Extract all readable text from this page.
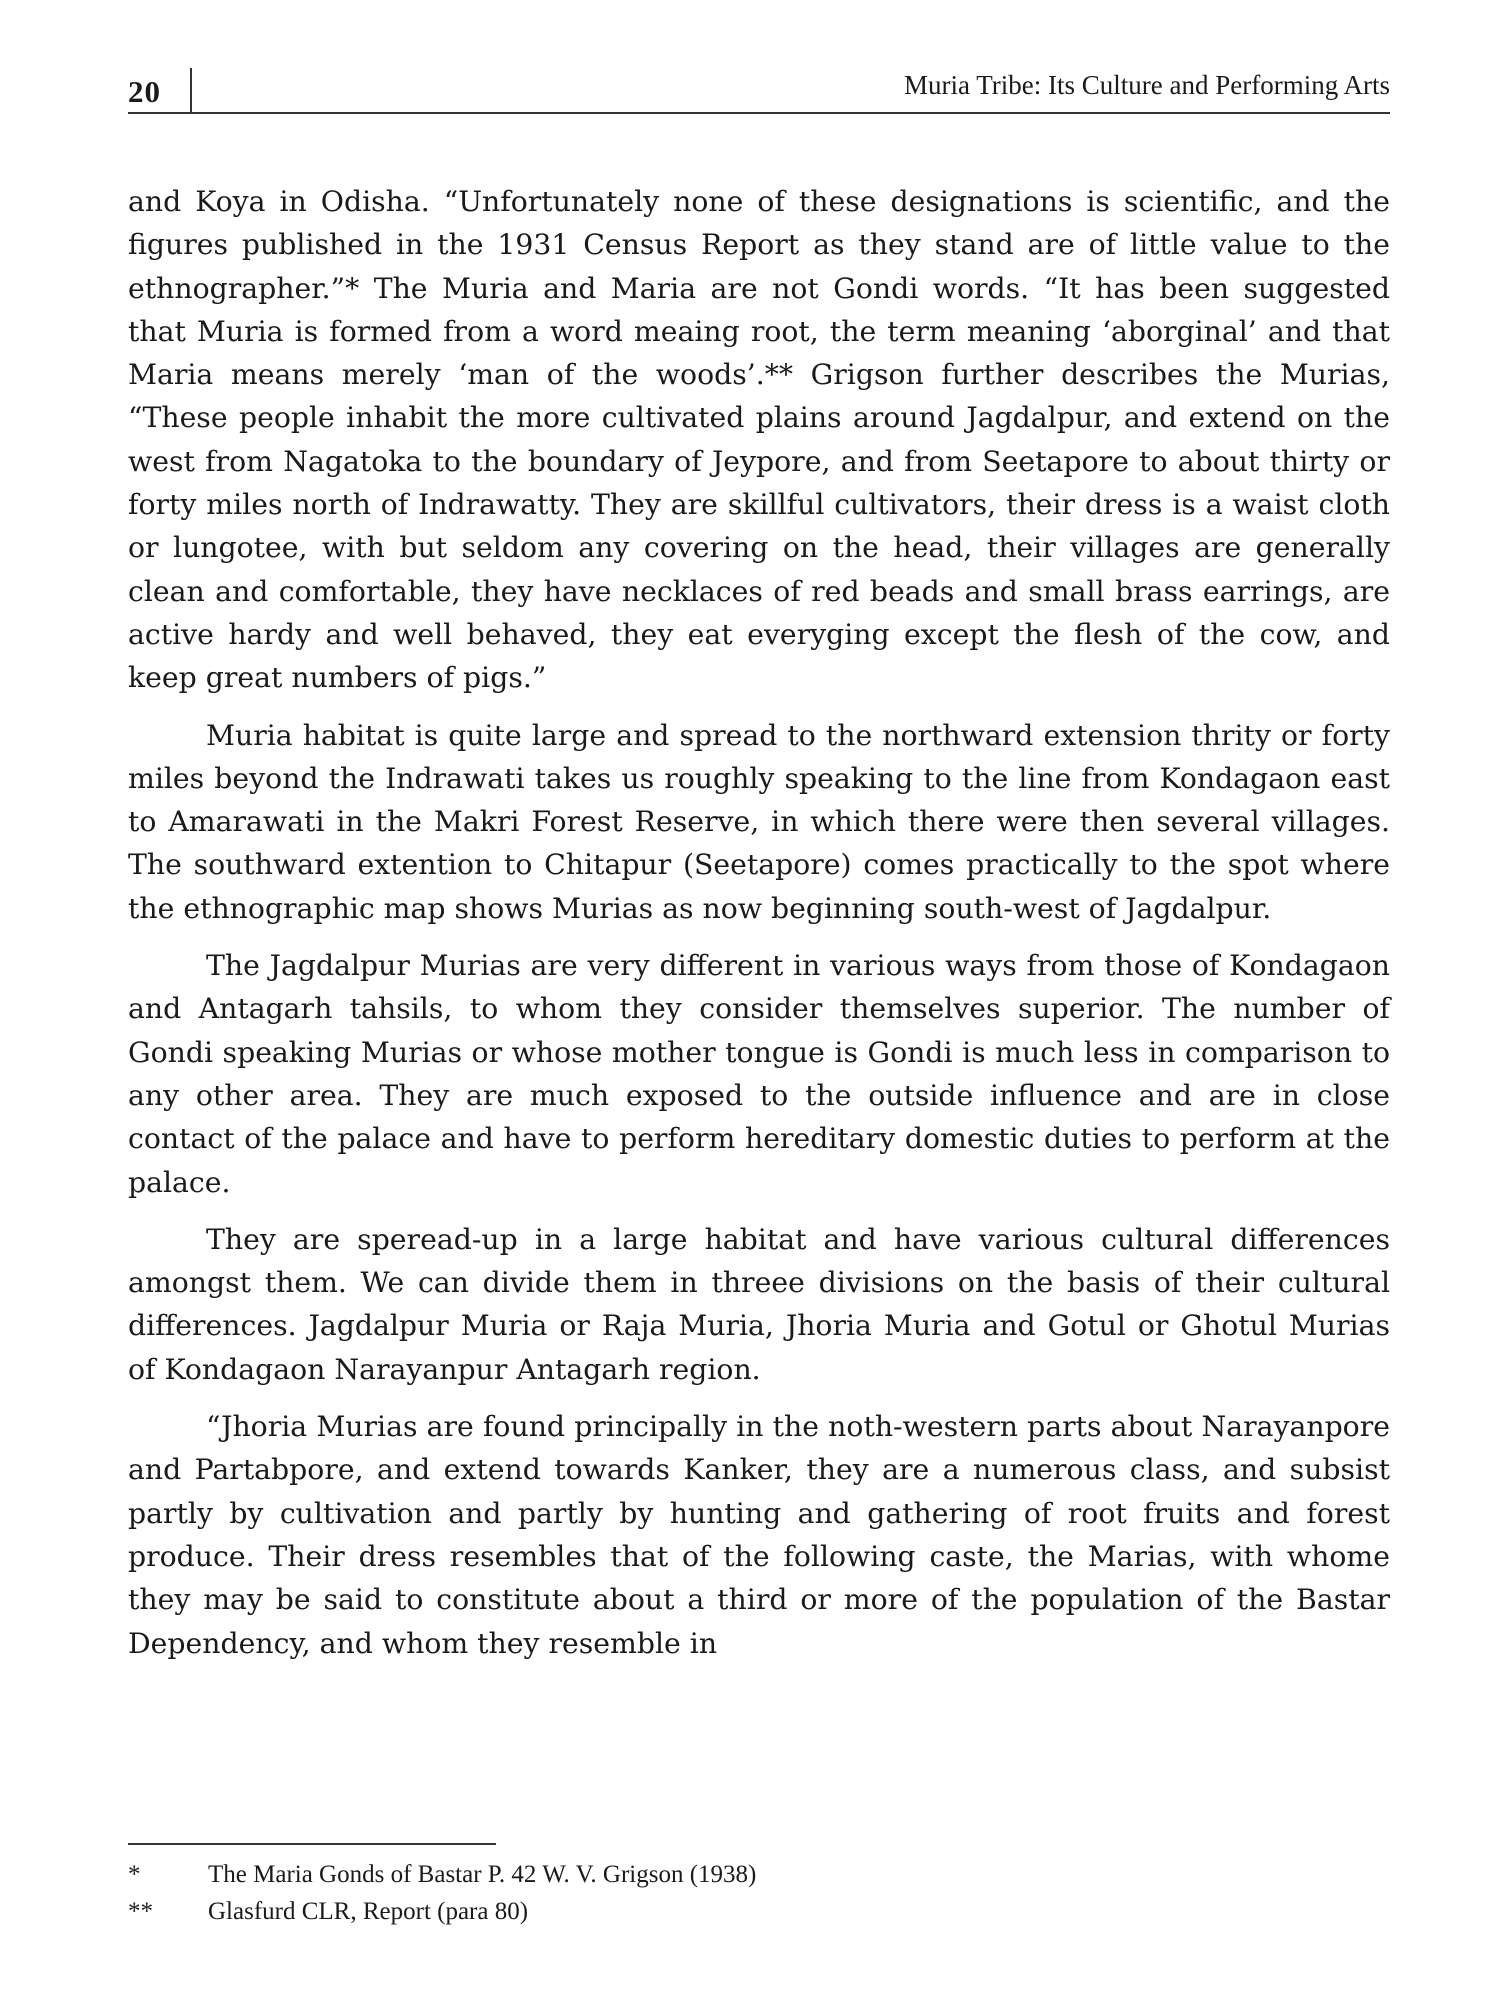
20	Muria Tribe: Its Culture and Performing Arts

and Koya in Odisha. “Unfortunately none of these designations is scientific, and the figures published in the 1931 Census Report as they stand are of little value to the ethnographer.”* The Muria and Maria are not Gondi words. “It has been suggested that Muria is formed from a word meaing root, the term meaning ‘aborginal’ and that Maria means merely ‘man of the woods’.** Grigson further describes the Murias, “These people inhabit the more cultivated plains around Jagdalpur, and extend on the west from Nagatoka to the boundary of Jeypore, and from Seetapore to about thirty or forty miles north of Indrawatty. They are skillful cultivators, their dress is a waist cloth or lungotee, with but seldom any covering on the head, their villages are generally clean and comfortable, they have necklaces of red beads and small brass earrings, are active hardy and well behaved, they eat everyging except the flesh of the cow, and keep great numbers of pigs.”

Muria habitat is quite large and spread to the northward extension thrity or forty miles beyond the Indrawati takes us roughly speaking to the line from Kondagaon east to Amarawati in the Makri Forest Reserve, in which there were then several villages. The southward extention to Chitapur (Seetapore) comes practically to the spot where the ethnographic map shows Murias as now beginning south-west of Jagdalpur.

The Jagdalpur Murias are very different in various ways from those of Kondagaon and Antagarh tahsils, to whom they consider themselves superior. The number of Gondi speaking Murias or whose mother tongue is Gondi is much less in comparison to any other area. They are much exposed to the outside influence and are in close contact of the palace and have to perform hereditary domestic duties to perform at the palace.

They are speread-up in a large habitat and have various cultural differences amongst them. We can divide them in threee divisions on the basis of their cultural differences. Jagdalpur Muria or Raja Muria, Jhoria Muria and Gotul or Ghotul Murias of Kondagaon Narayanpur Antagarh region.

“Jhoria Murias are found principally in the noth-western parts about Narayanpore and Partabpore, and extend towards Kanker, they are a numerous class, and subsist partly by cultivation and partly by hunting and gathering of root fruits and forest produce. Their dress resembles that of the following caste, the Marias, with whome they may be said to constitute about a third or more of the population of the Bastar Dependency, and whom they resemble in

*	The Maria Gonds of Bastar P. 42 W. V. Grigson (1938)
** Glasfurd CLR, Report (para 80)
